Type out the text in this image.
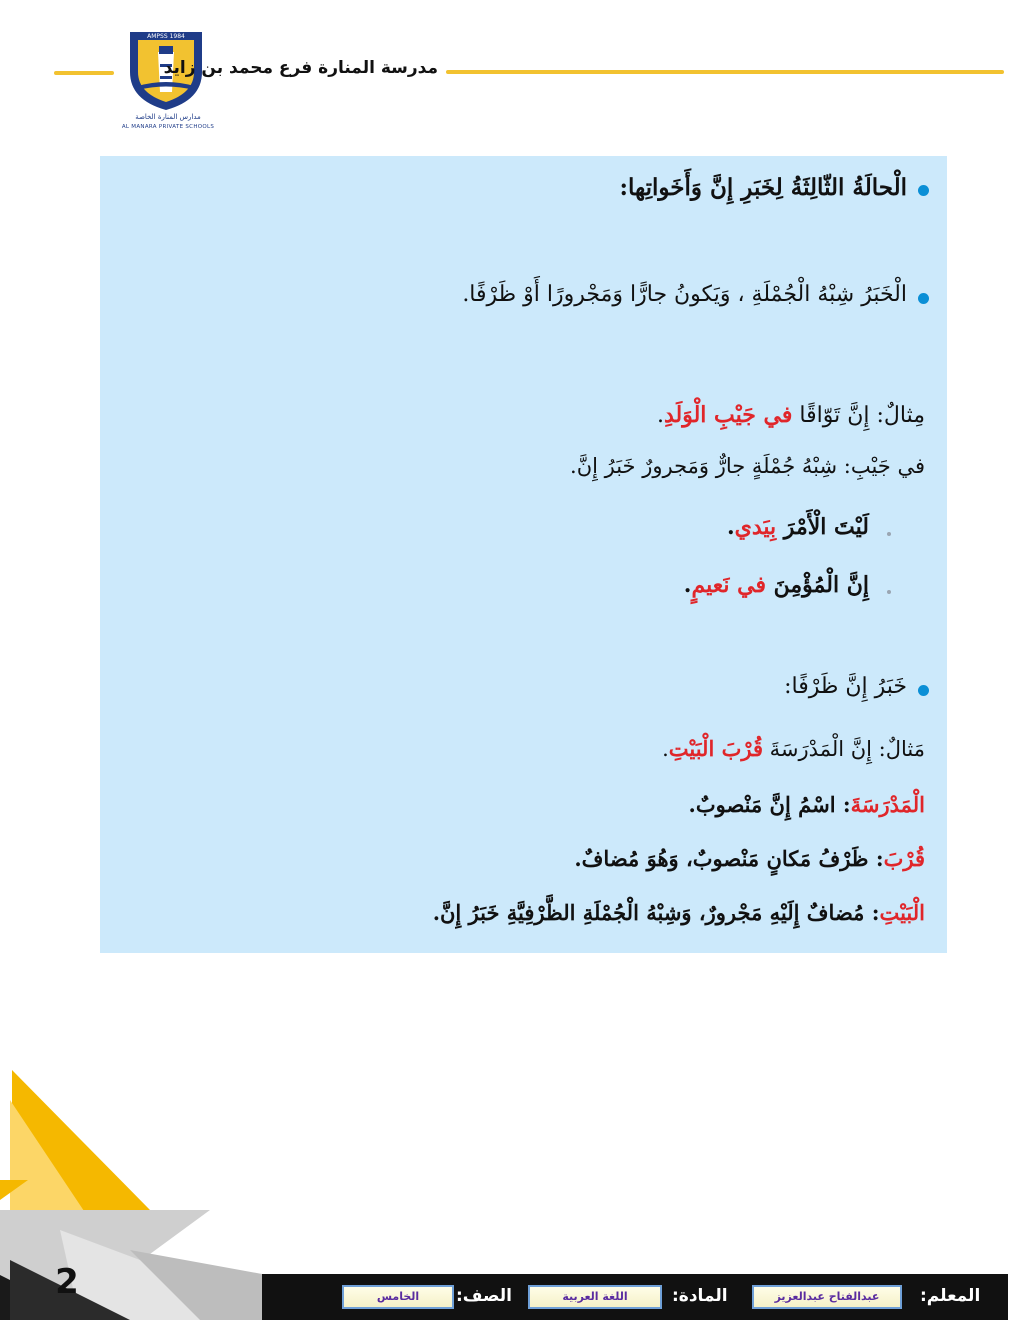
AMPSS 1984
مدارس المنارة الخاصة
AL MANARA PRIVATE SCHOOLS
مدرسة المنارة فرع محمد بن زايد
الْحالَةُ الثّالِثَةُ لِخَبَرِ إِنَّ وَأَخَواتِها:
الْخَبَرُ شِبْهُ الْجُمْلَةِ ، وَيَكونُ جارًّا وَمَجْرورًا أَوْ ظَرْفًا.
مِثالٌ: إِنَّ تَوّاقًا في جَيْبِ الْوَلَدِ.
في جَيْبِ: شِبْهُ جُمْلَةٍ جارٌّ وَمَجرورٌ خَبَرُ إِنَّ.
لَيْتَ الْأَمْرَ بِيَدي.
إِنَّ الْمُؤْمِنَ في نَعيمٍ.
خَبَرُ إِنَّ ظَرْفًا:
مَثالٌ: إِنَّ الْمَدْرَسَةَ قُرْبَ الْبَيْتِ.
الْمَدْرَسَةَ: اسْمُ إِنَّ مَنْصوبٌ.
قُرْبَ: ظَرْفُ مَكانٍ مَنْصوبٌ، وَهُوَ مُضافٌ.
الْبَيْتِ: مُضافٌ إِلَيْهِ مَجْرورٌ، وَشِبْهُ الْجُمْلَةِ الظَّرْفِيَّةِ خَبَرُ إِنَّ.
2	المعلم:
عبدالفتاح عبدالعزيز
المادة:
اللغة العربية
الصف:
الخامس
